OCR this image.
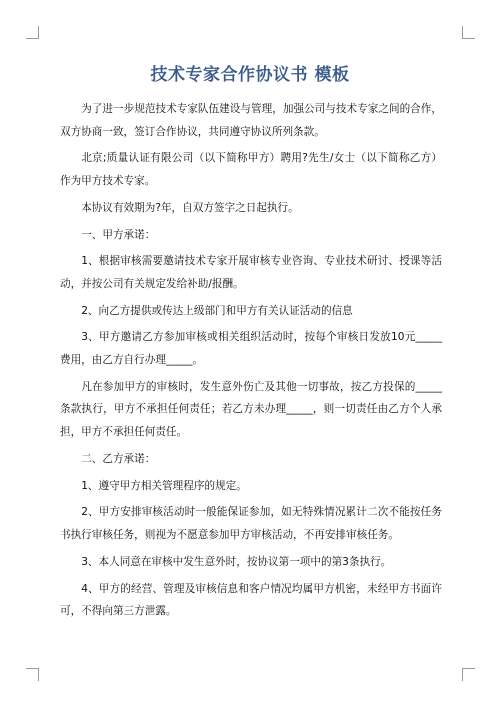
技术专家合作协议书 模板

为了进一步规范技术专家队伍建设与管理，加强公司与技术专家之间的合作，双方协商一致，签订合作协议，共同遵守协议所列条款。

北京;质量认证有限公司（以下简称甲方）聘用?先生/女士（以下简称乙方）作为甲方技术专家。

本协议有效期为?年，自双方签字之日起执行。

一、甲方承诺：

1、根据审核需要邀请技术专家开展审核专业咨询、专业技术研讨、授课等活动，并按公司有关规定发给补助/报酬。

2、向乙方提供或传达上级部门和甲方有关认证活动的信息

3、甲方邀请乙方参加审核或相关组织活动时，按每个审核日发放10元_____费用，由乙方自行办理_____。

凡在参加甲方的审核时，发生意外伤亡及其他一切事故，按乙方投保的_____条款执行，甲方不承担任何责任；若乙方未办理_____，则一切责任由乙方个人承担，甲方不承担任何责任。

二、乙方承诺：

1、遵守甲方相关管理程序的规定。

2、甲方安排审核活动时一般能保证参加，如无特殊情况累计二次不能按任务书执行审核任务，则视为不愿意参加甲方审核活动，不再安排审核任务。

3、本人同意在审核中发生意外时，按协议第一项中的第3条执行。

4、甲方的经营、管理及审核信息和客户情况均属甲方机密，未经甲方书面许可，不得向第三方泄露。
